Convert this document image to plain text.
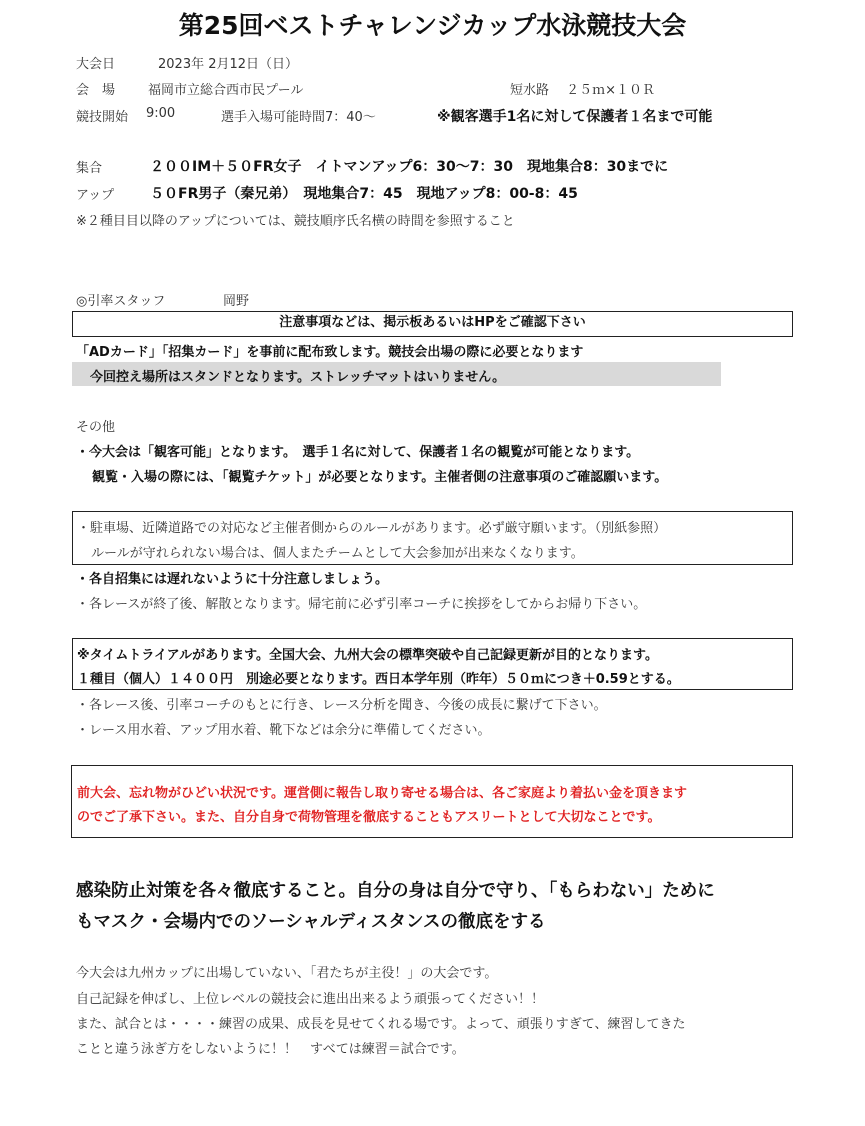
第25回ベストチャレンジカップ水泳競技大会
大会日	2023年 2月12日（日）
会　場	福岡市立総合西市民プール	短水路　 ２５ｍ×１０Ｒ
競技開始 9:00	選手入場可能時間7：40～	※観客選手1名に対して保護者１名まで可能
集合	２００IM＋５０FR女子　イトマンアップ6：30～7：30　現地集合8：30までに
アップ	５０FR男子（秦兄弟）　現地集合7：45　現地アップ8：00-8：45
※２種目目以降のアップについては、競技順序氏名横の時間を参照すること
◎引率スタッフ	岡野
注意事項などは、掲示板あるいはHPをご確認下さい
「ADカード」「招集カード」を事前に配布致します。競技会出場の際に必要となります
今回控え場所はスタンドとなります。ストレッチマットはいりません。
その他
・今大会は「観客可能」となります。　選手１名に対して、保護者１名の観覧が可能となります。
観覧・入場の際には、「観覧チケット」が必要となります。主催者側の注意事項のご確認願います。
・駐車場、近隣道路での対応など主催者側からのルールがあります。必ず厳守願います。（別紙参照）
ルールが守れられない場合は、個人またチームとして大会参加が出来なくなります。
・各自招集には遅れないように十分注意しましょう。
・各レースが終了後、解散となります。帰宅前に必ず引率コーチに挨拶をしてからお帰り下さい。
※タイムトライアルがあります。全国大会、九州大会の標準突破や自己記録更新が目的となります。
１種目（個人）１４００円　別途必要となります。西日本学年別（昨年）５０ｍにつき＋0.59とする。
・各レース後、引率コーチのもとに行き、レース分析を聞き、今後の成長に繋げて下さい。
・レース用水着、アップ用水着、靴下などは余分に準備してください。
前大会、忘れ物がひどい状況です。運営側に報告し取り寄せる場合は、各ご家庭より着払い金を頂きます
のでご了承下さい。また、自分自身で荷物管理を徹底することもアスリートとして大切なことです。
感染防止対策を各々徹底すること。自分の身は自分で守り、「もらわない」ために
もマスク・会場内でのソーシャルディスタンスの徹底をする
今大会は九州カップに出場していない、「君たちが主役！」の大会です。
自己記録を伸ばし、上位レベルの競技会に進出出来るよう頑張ってください！！
また、試合とは・・・・練習の成果、成長を見せてくれる場です。よって、頑張りすぎて、練習してきた
ことと違う泳ぎ方をしないように！！　すべては練習＝試合です。
